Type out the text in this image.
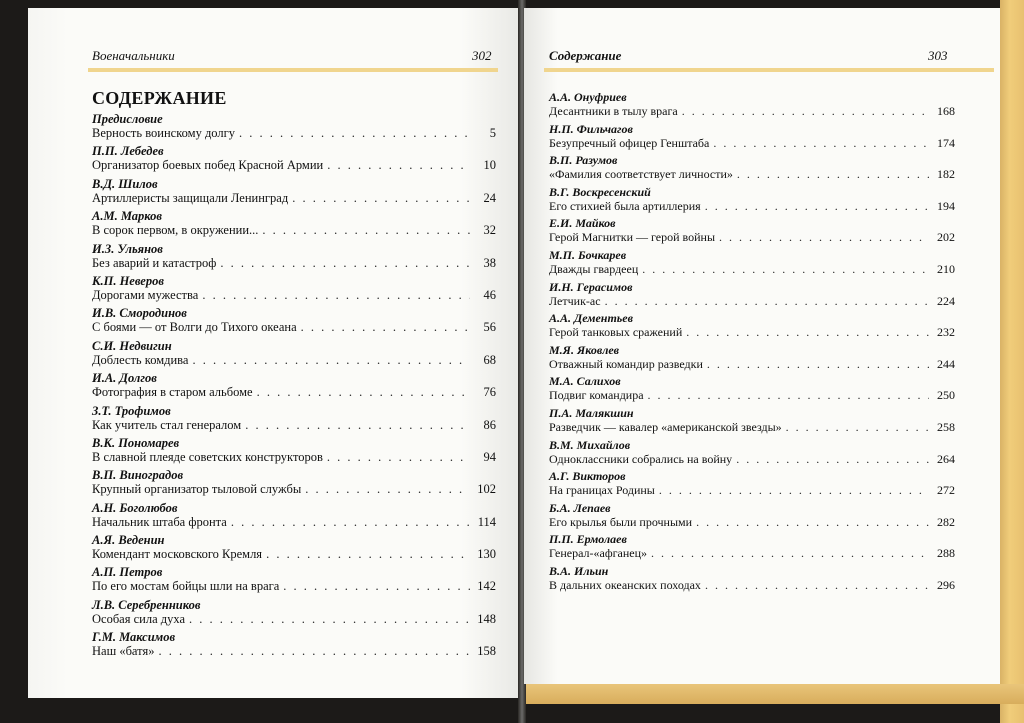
Военачальники	302
СОДЕРЖАНИЕ
Предисловие
Верность воинскому долгу . . .	5
П.П. Лебедев
Организатор боевых побед Красной Армии . . .	10
В.Д. Шилов
Артиллеристы защищали Ленинград . . .	24
А.М. Марков
В сорок первом, в окружении... . . .	32
И.З. Ульянов
Без аварий и катастроф . . .	38
К.П. Неверов
Дорогами мужества . . .	46
И.В. Смородинов
С боями — от Волги до Тихого океана . . .	56
С.И. Недвигин
Доблесть комдива . . .	68
И.А. Долгов
Фотография в старом альбоме . . .	76
З.Т. Трофимов
Как учитель стал генералом . . .	86
В.К. Пономарев
В славной плеяде советских конструкторов . . .	94
В.П. Виноградов
Крупный организатор тыловой службы . . .	102
А.Н. Боголюбов
Начальник штаба фронта . . .	114
А.Я. Веденин
Комендант московского Кремля . . .	130
А.П. Петров
По его мостам бойцы шли на врага . . .	142
Л.В. Серебренников
Особая сила духа . . .	148
Г.М. Максимов
Наш «батя» . . .	158
Содержание	303
А.А. Онуфриев
Десантники в тылу врага . . .	168
Н.П. Фильчагов
Безупречный офицер Генштаба . . .	174
В.П. Разумов
«Фамилия соответствует личности» . . .	182
В.Г. Воскресенский
Его стихией была артиллерия . . .	194
Е.И. Майков
Герой Магнитки — герой войны . . .	202
М.П. Бочкарев
Дважды гвардеец . . .	210
И.Н. Герасимов
Летчик-ас . . .	224
А.А. Дементьев
Герой танковых сражений . . .	232
М.Я. Яковлев
Отважный командир разведки . . .	244
М.А. Салихов
Подвиг командира . . .	250
П.А. Малякшин
Разведчик — кавалер «американской звезды» . . .	258
В.М. Михайлов
Одноклассники собрались на войну . . .	264
А.Г. Викторов
На границах Родины . . .	272
Б.А. Лепаев
Его крылья были прочными . . .	282
П.П. Ермолаев
Генерал-«афганец» . . .	288
В.А. Ильин
В дальних океанских походах . . .	296
